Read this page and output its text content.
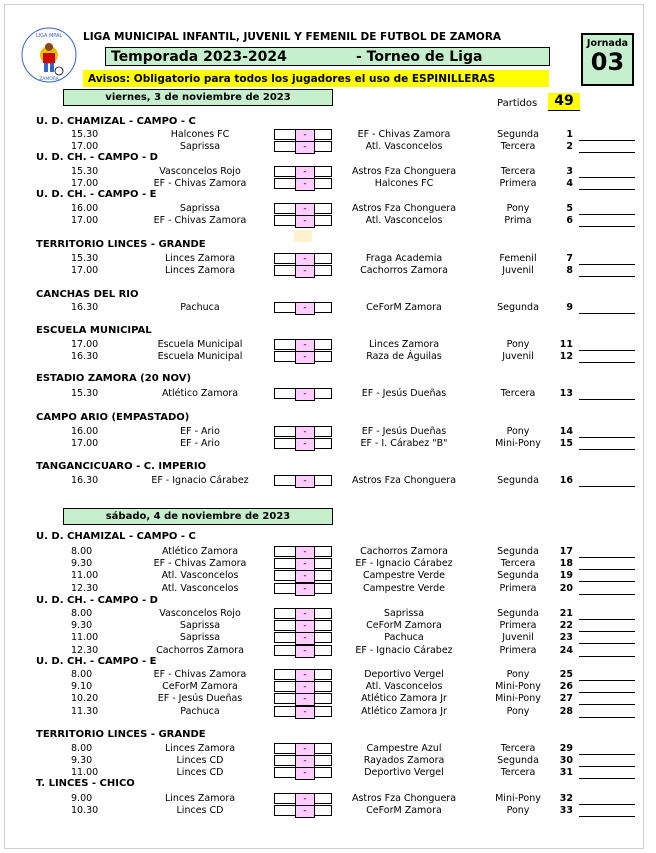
LIGA MPAL
ZAMORA
LIGA MUNICIPAL INFANTIL, JUVENIL Y FEMENIL DE FUTBOL DE ZAMORA
Temporada 2023-2024	- Torneo de Liga
Avisos: Obligatorio para todos los jugadores el uso de ESPINILLERAS
Jornada
03
Partidos	49
viernes, 3 de noviembre de 2023
U. D. CHAMIZAL - CAMPO - C
15.30	Halcones FC	-	EF - Chivas Zamora	Segunda	1
17.00	Saprissa	-	Atl. Vasconcelos	Tercera	2
U. D. CH. - CAMPO - D
15.30	Vasconcelos Rojo	-	Astros Fza Chonguera	Tercera	3
17.00	EF - Chivas Zamora	-	Halcones FC	Primera	4
U. D. CH. - CAMPO - E
16.00	Saprissa	-	Astros Fza Chonguera	Pony	5
17.00	EF - Chivas Zamora	-	Atl. Vasconcelos	Prima	6
TERRITORIO LINCES - GRANDE
15.30	Linces Zamora	-	Fraga Academia	Femenil	7
17.00	Linces Zamora	-	Cachorros Zamora	Juvenil	8
CANCHAS DEL RIO
16.30	Pachuca	-	CeForM Zamora	Segunda	9
ESCUELA MUNICIPAL
17.00	Escuela Municipal	-	Linces Zamora	Pony	11
16.30	Escuela Municipal	-	Raza de Águilas	Juvenil	12
ESTADIO ZAMORA (20 NOV)
15.30	Atlético Zamora	-	EF - Jesús Dueñas	Tercera	13
CAMPO ARIO (EMPASTADO)
16.00	EF - Ario	-	EF - Jesús Dueñas	Pony	14
17.00	EF - Ario	-	EF - I. Cárabez "B"	Mini-Pony	15
TANGANCICUARO - C. IMPERIO
16.30	EF - Ignacio Cárabez	-	Astros Fza Chonguera	Segunda	16
sábado, 4 de noviembre de 2023
U. D. CHAMIZAL - CAMPO - C
8.00	Atlético Zamora	-	Cachorros Zamora	Segunda	17
9.30	EF - Chivas Zamora	-	EF - Ignacio Cárabez	Tercera	18
11.00	Atl. Vasconcelos	-	Campestre Verde	Segunda	19
12.30	Atl. Vasconcelos	-	Campestre Verde	Primera	20
U. D. CH. - CAMPO - D
8.00	Vasconcelos Rojo	-	Saprissa	Segunda	21
9.30	Saprissa	-	CeForM Zamora	Primera	22
11.00	Saprissa	-	Pachuca	Juvenil	23
12.30	Cachorros Zamora	-	EF - Ignacio Cárabez	Primera	24
U. D. CH. - CAMPO - E
8.00	EF - Chivas Zamora	-	Deportivo Vergel	Pony	25
9.10	CeForM Zamora	-	Atl. Vasconcelos	Mini-Pony	26
10.20	EF - Jesús Dueñas	-	Atlético Zamora Jr	Mini-Pony	27
11.30	Pachuca	-	Atlético Zamora Jr	Pony	28
TERRITORIO LINCES - GRANDE
8.00	Linces Zamora	-	Campestre Azul	Tercera	29
9.30	Linces CD	-	Rayados Zamora	Segunda	30
11.00	Linces CD	-	Deportivo Vergel	Tercera	31
T. LINCES - CHICO
9.00	Linces Zamora	-	Astros Fza Chonguera	Mini-Pony	32
10.30	Linces CD	-	CeForM Zamora	Pony	33
